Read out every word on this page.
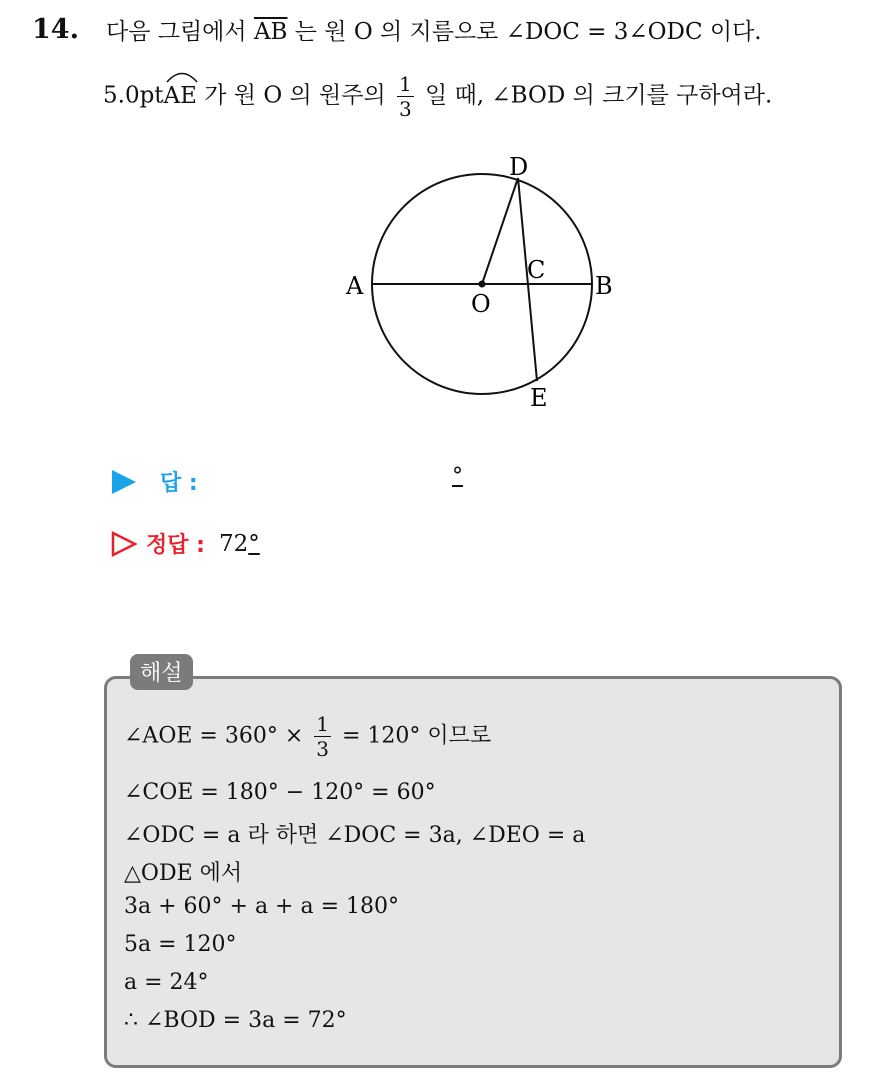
14. 다음 그림에서 $\overline{AB}$ 는 원 O 의 지름으로 ∠DOC = 3∠ODC 이다.
5.0pt
AE 가 원 O 의 원주의 $\frac{1}{3}$ 일 때, ∠BOD 의 크기를 구하여라.
A	B
C
D
E
O
답 :	°
정답 : 72°
해설
∠AOE = $360^\circ \times \frac{1}{3} = 120^\circ$ 이므로
∠COE = 180° − 120° = 60°
∠ODC = a 라 하면 ∠DOC = 3a, ∠DEO = a
△ODE 에서
3a + 60° + a + a = 180°
5a = 120°
a = 24°
∴ ∠BOD = 3a = 72°
